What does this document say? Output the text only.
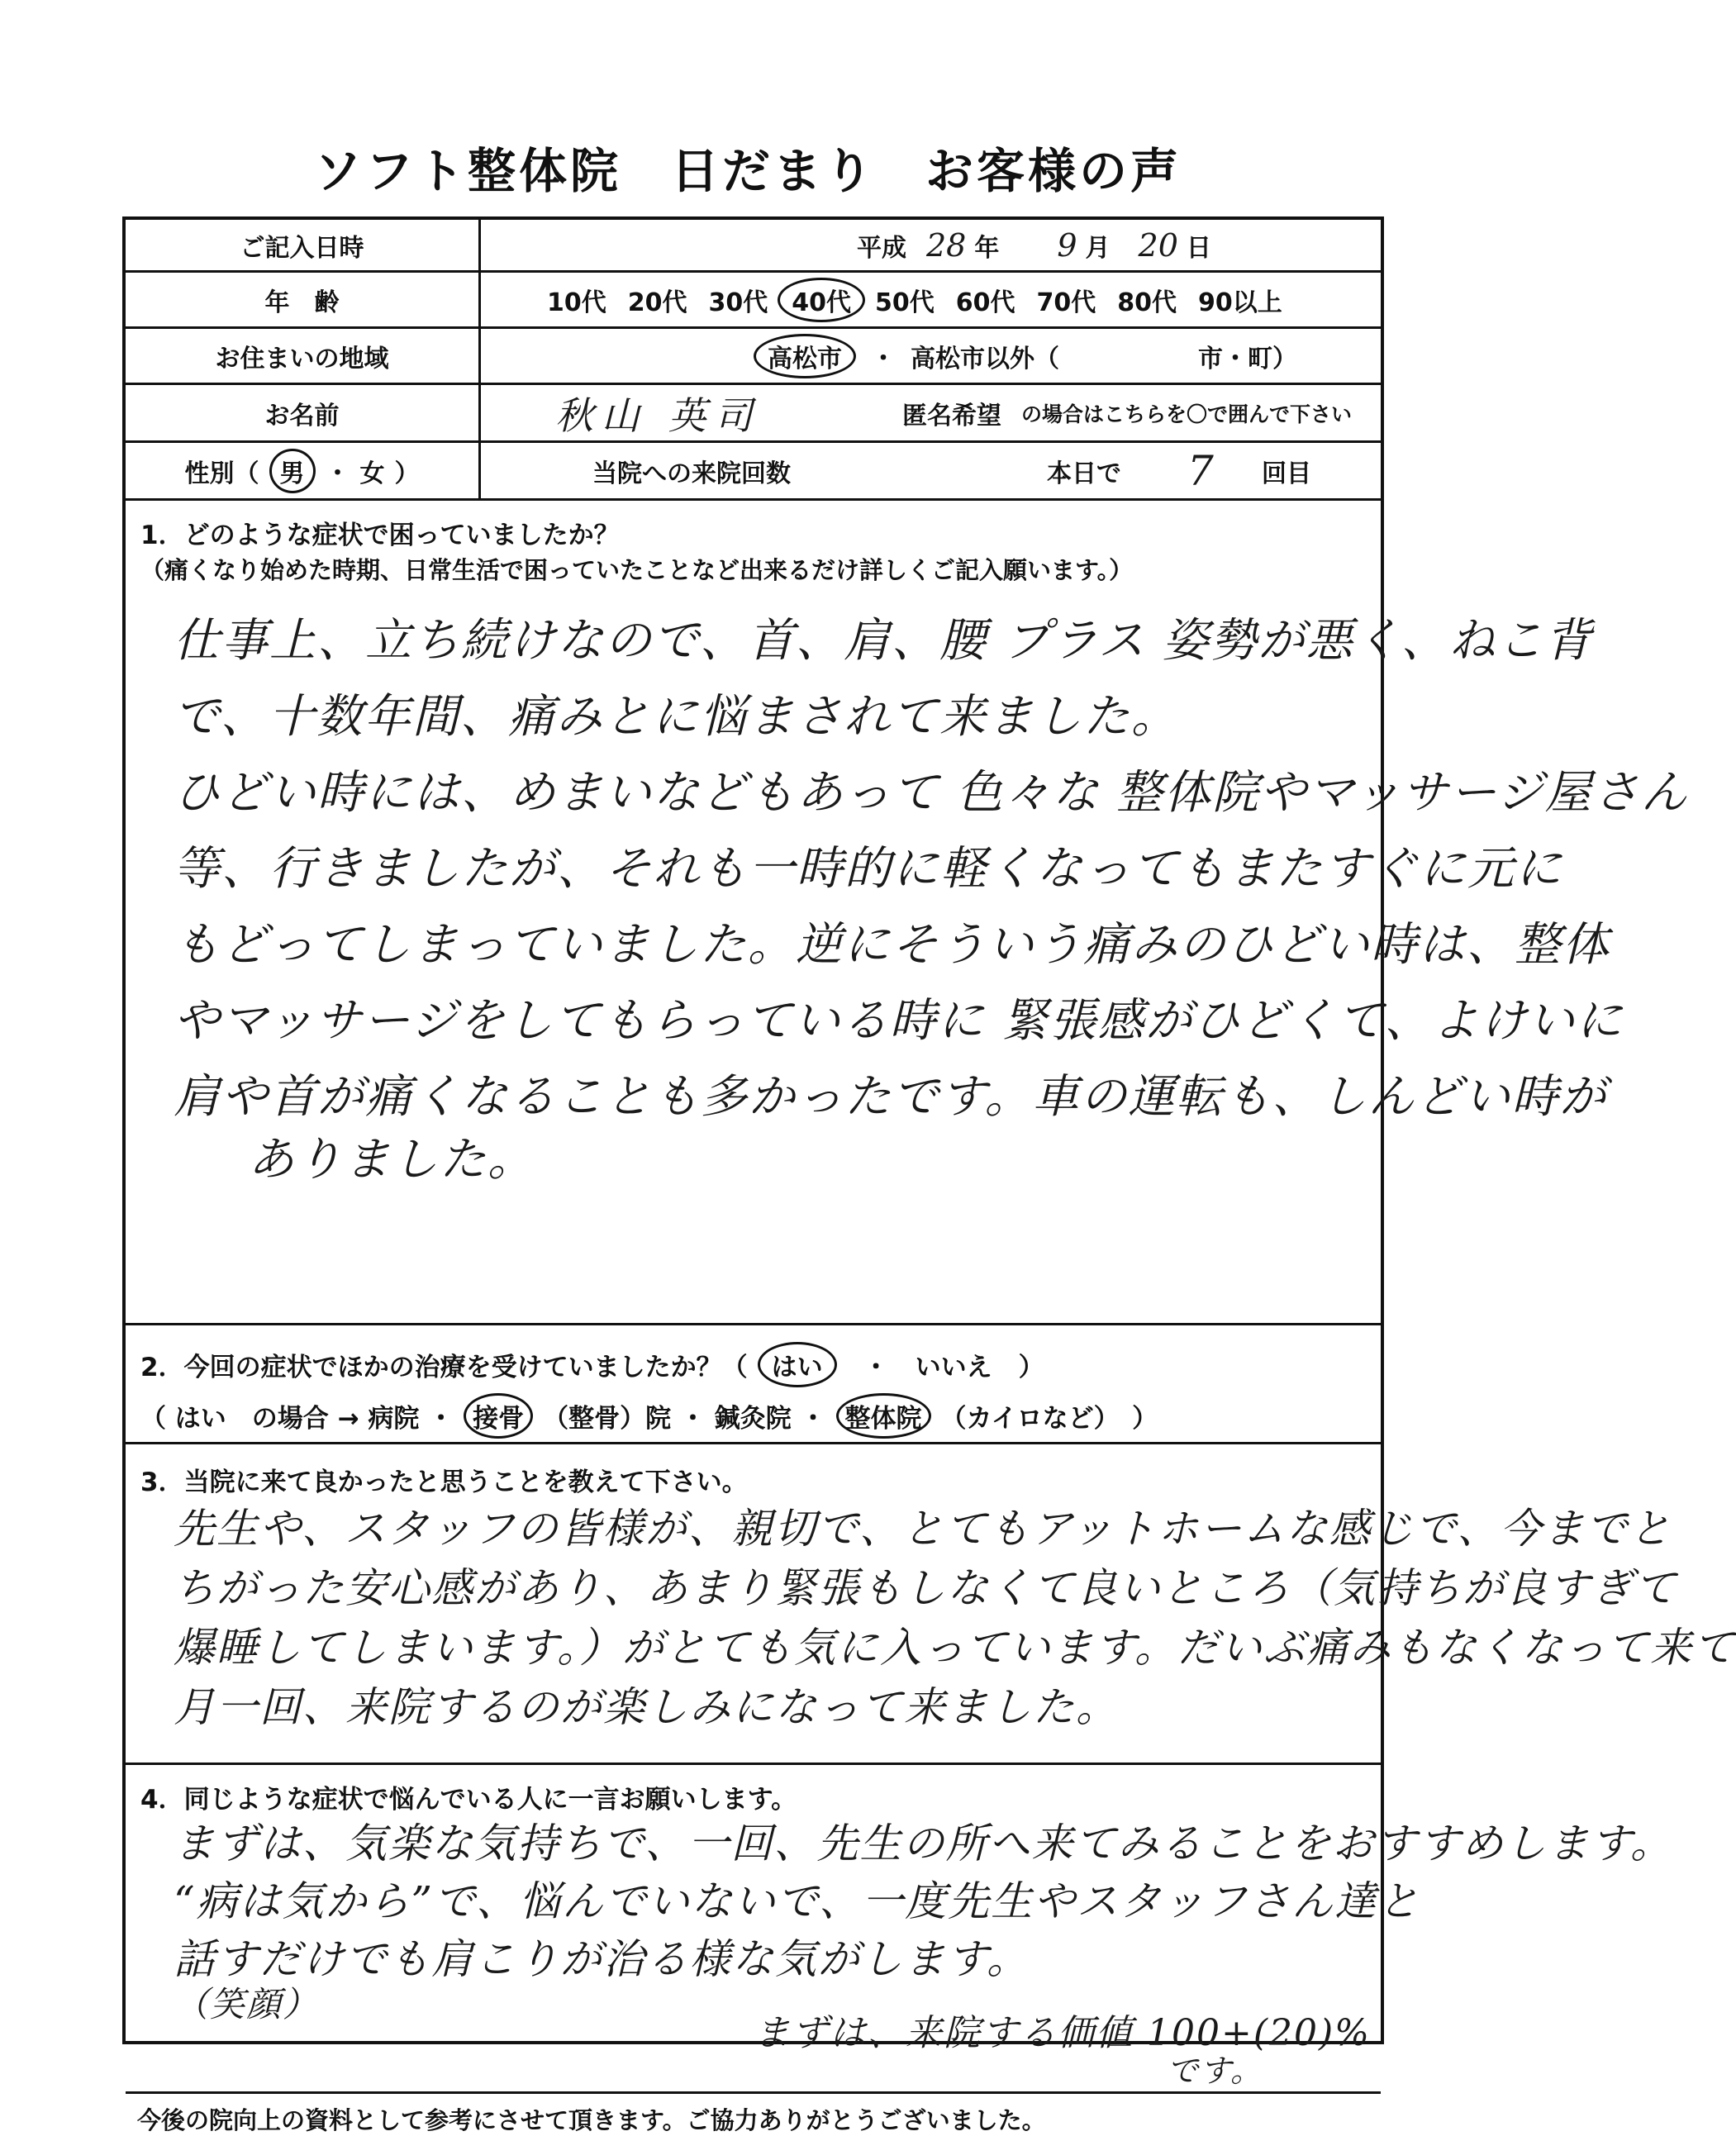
ソフト整体院 日だまり お客様の声
ご記入日時	平成 28 年 9 月 20 日
年　齢	10代 20代 30代 40代 50代 60代 70代 80代 90以上
お住まいの地域	高松市	・ 高松市以外（	市・町）
お名前	秋山 英司	匿名希望 の場合はこちらを〇で囲んで下さい
性別（ 男 ・ 女 ）	当院への来院回数	本日で 7	回目
1．どのような症状で困っていましたか？
（痛くなり始めた時期、日常生活で困っていたことなど出来るだけ詳しくご記入願います。）
仕事上、立ち続けなので、首、肩、腰 プラス 姿勢が悪く、ねこ背
で、十数年間、痛みとに悩まされて来ました。
ひどい時には、めまいなどもあって 色々な 整体院やマッサージ屋さん
等、行きましたが、それも一時的に軽くなってもまたすぐに元に
もどってしまっていました。逆にそういう痛みのひどい時は、整体
やマッサージをしてもらっている時に 緊張感がひどくて、よけいに
肩や首が痛くなることも多かったです。車の運転も、しんどい時が
ありました。
2．今回の症状でほかの治療を受けていましたか？（ はい	・ いいえ ）
（ はい　の場合 → 病院 ・ 接骨 （整骨）院 ・ 鍼灸院 ・ 整体院 （カイロなど）　）
3．当院に来て良かったと思うことを教えて下さい。
先生や、スタッフの皆様が、親切で、とてもアットホームな感じで、今までと
ちがった安心感があり、あまり緊張もしなくて良いところ（気持ちが良すぎて
爆睡してしまいます。）がとても気に入っています。だいぶ痛みもなくなって来て
月一回、来院するのが楽しみになって来ました。
4．同じような症状で悩んでいる人に一言お願いします。
まずは、気楽な気持ちで、一回、先生の所へ来てみることをおすすめします。
“病は気から”で、悩んでいないで、一度先生やスタッフさん達と
話すだけでも肩こりが治る様な気がします。
（笑顔）
まずは、来院する価値 100+(20)%
です。
今後の院向上の資料として参考にさせて頂きます。ご協力ありがとうございました。
